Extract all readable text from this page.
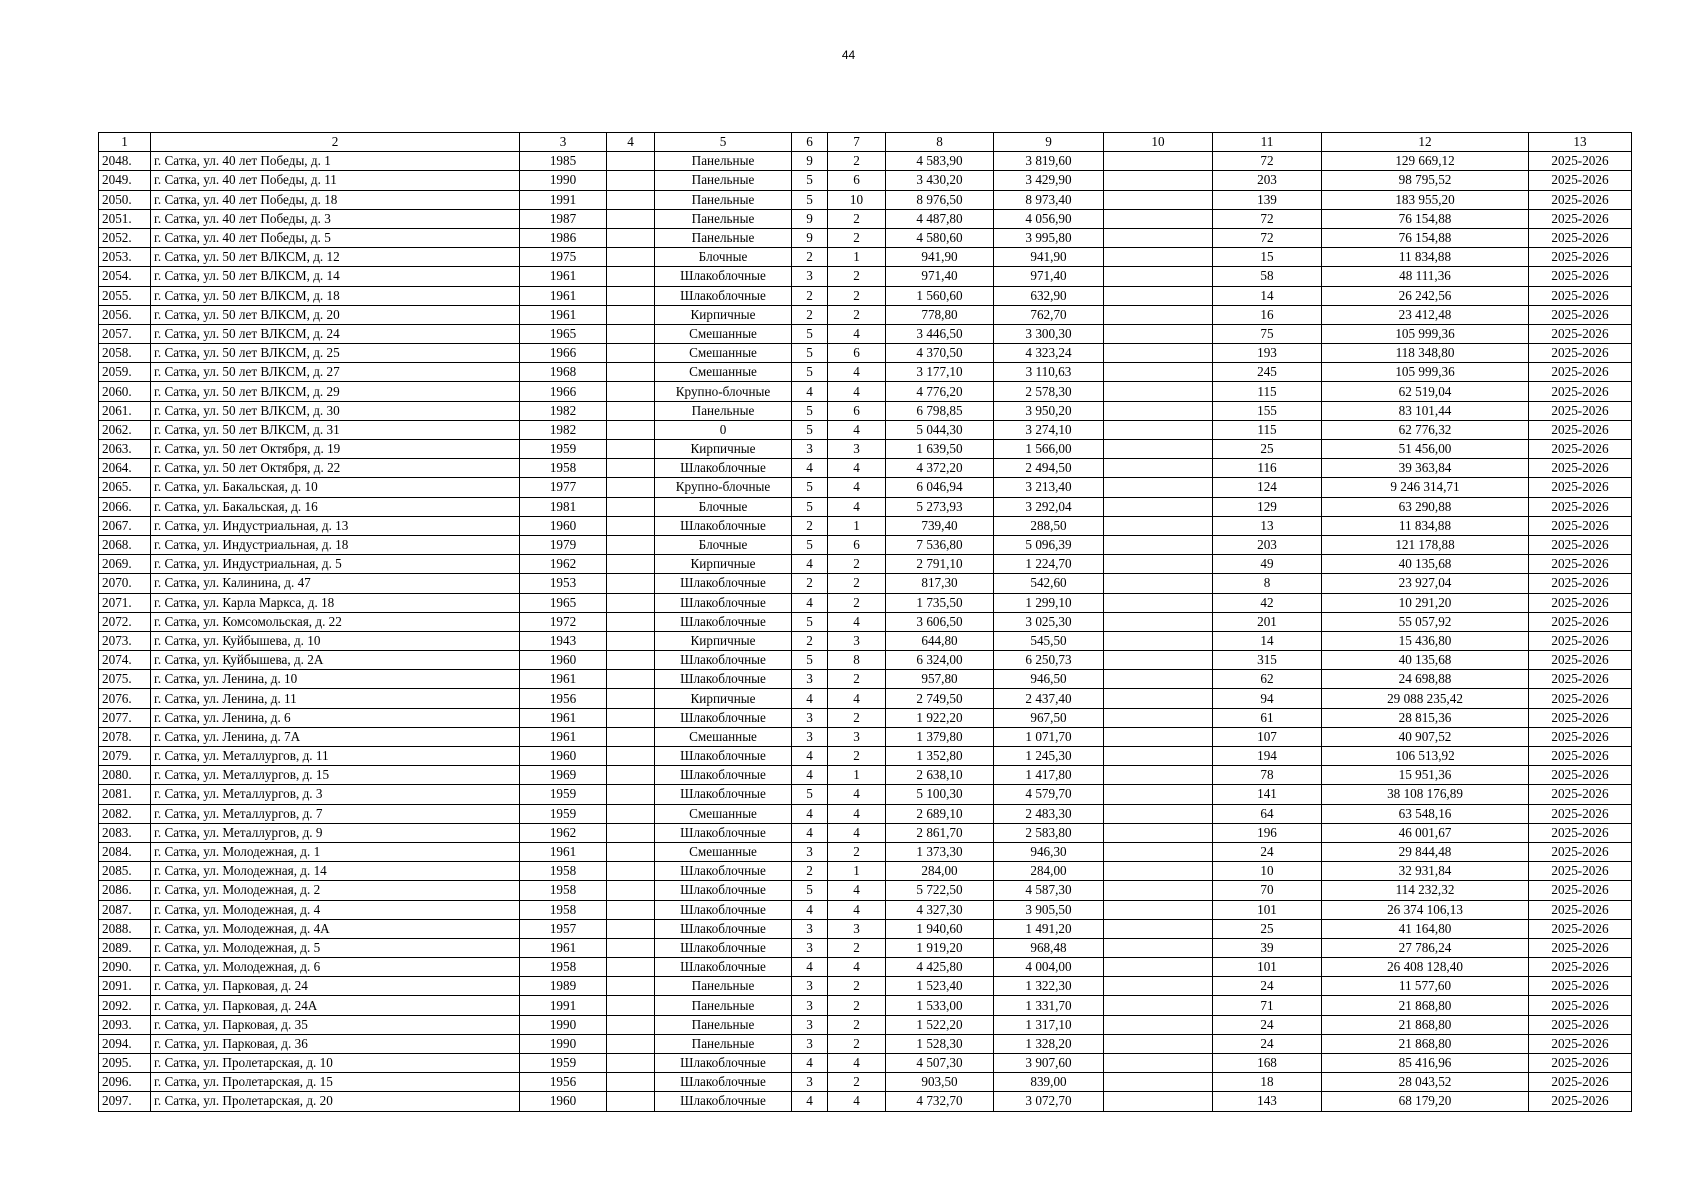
44
1	2	3	4	5	6	7	8	9	10	11	12	13
2048.	г. Сатка, ул. 40 лет Победы, д. 1	1985		Панельные	9	2	4 583,90	3 819,60		72	129 669,12	2025-2026
2049.	г. Сатка, ул. 40 лет Победы, д. 11	1990		Панельные	5	6	3 430,20	3 429,90		203	98 795,52	2025-2026
2050.	г. Сатка, ул. 40 лет Победы, д. 18	1991		Панельные	5	10	8 976,50	8 973,40		139	183 955,20	2025-2026
2051.	г. Сатка, ул. 40 лет Победы, д. 3	1987		Панельные	9	2	4 487,80	4 056,90		72	76 154,88	2025-2026
2052.	г. Сатка, ул. 40 лет Победы, д. 5	1986		Панельные	9	2	4 580,60	3 995,80		72	76 154,88	2025-2026
2053.	г. Сатка, ул. 50 лет ВЛКСМ, д. 12	1975		Блочные	2	1	941,90	941,90		15	11 834,88	2025-2026
2054.	г. Сатка, ул. 50 лет ВЛКСМ, д. 14	1961		Шлакоблочные	3	2	971,40	971,40		58	48 111,36	2025-2026
2055.	г. Сатка, ул. 50 лет ВЛКСМ, д. 18	1961		Шлакоблочные	2	2	1 560,60	632,90		14	26 242,56	2025-2026
2056.	г. Сатка, ул. 50 лет ВЛКСМ, д. 20	1961		Кирпичные	2	2	778,80	762,70		16	23 412,48	2025-2026
2057.	г. Сатка, ул. 50 лет ВЛКСМ, д. 24	1965		Смешанные	5	4	3 446,50	3 300,30		75	105 999,36	2025-2026
2058.	г. Сатка, ул. 50 лет ВЛКСМ, д. 25	1966		Смешанные	5	6	4 370,50	4 323,24		193	118 348,80	2025-2026
2059.	г. Сатка, ул. 50 лет ВЛКСМ, д. 27	1968		Смешанные	5	4	3 177,10	3 110,63		245	105 999,36	2025-2026
2060.	г. Сатка, ул. 50 лет ВЛКСМ, д. 29	1966		Крупно-блочные	4	4	4 776,20	2 578,30		115	62 519,04	2025-2026
2061.	г. Сатка, ул. 50 лет ВЛКСМ, д. 30	1982		Панельные	5	6	6 798,85	3 950,20		155	83 101,44	2025-2026
2062.	г. Сатка, ул. 50 лет ВЛКСМ, д. 31	1982		0	5	4	5 044,30	3 274,10		115	62 776,32	2025-2026
2063.	г. Сатка, ул. 50 лет Октября, д. 19	1959		Кирпичные	3	3	1 639,50	1 566,00		25	51 456,00	2025-2026
2064.	г. Сатка, ул. 50 лет Октября, д. 22	1958		Шлакоблочные	4	4	4 372,20	2 494,50		116	39 363,84	2025-2026
2065.	г. Сатка, ул. Бакальская, д. 10	1977		Крупно-блочные	5	4	6 046,94	3 213,40		124	9 246 314,71	2025-2026
2066.	г. Сатка, ул. Бакальская, д. 16	1981		Блочные	5	4	5 273,93	3 292,04		129	63 290,88	2025-2026
2067.	г. Сатка, ул. Индустриальная, д. 13	1960		Шлакоблочные	2	1	739,40	288,50		13	11 834,88	2025-2026
2068.	г. Сатка, ул. Индустриальная, д. 18	1979		Блочные	5	6	7 536,80	5 096,39		203	121 178,88	2025-2026
2069.	г. Сатка, ул. Индустриальная, д. 5	1962		Кирпичные	4	2	2 791,10	1 224,70		49	40 135,68	2025-2026
2070.	г. Сатка, ул. Калинина, д. 47	1953		Шлакоблочные	2	2	817,30	542,60		8	23 927,04	2025-2026
2071.	г. Сатка, ул. Карла Маркса, д. 18	1965		Шлакоблочные	4	2	1 735,50	1 299,10		42	10 291,20	2025-2026
2072.	г. Сатка, ул. Комсомольская, д. 22	1972		Шлакоблочные	5	4	3 606,50	3 025,30		201	55 057,92	2025-2026
2073.	г. Сатка, ул. Куйбышева, д. 10	1943		Кирпичные	2	3	644,80	545,50		14	15 436,80	2025-2026
2074.	г. Сатка, ул. Куйбышева, д. 2А	1960		Шлакоблочные	5	8	6 324,00	6 250,73		315	40 135,68	2025-2026
2075.	г. Сатка, ул. Ленина, д. 10	1961		Шлакоблочные	3	2	957,80	946,50		62	24 698,88	2025-2026
2076.	г. Сатка, ул. Ленина, д. 11	1956		Кирпичные	4	4	2 749,50	2 437,40		94	29 088 235,42	2025-2026
2077.	г. Сатка, ул. Ленина, д. 6	1961		Шлакоблочные	3	2	1 922,20	967,50		61	28 815,36	2025-2026
2078.	г. Сатка, ул. Ленина, д. 7А	1961		Смешанные	3	3	1 379,80	1 071,70		107	40 907,52	2025-2026
2079.	г. Сатка, ул. Металлургов, д. 11	1960		Шлакоблочные	4	2	1 352,80	1 245,30		194	106 513,92	2025-2026
2080.	г. Сатка, ул. Металлургов, д. 15	1969		Шлакоблочные	4	1	2 638,10	1 417,80		78	15 951,36	2025-2026
2081.	г. Сатка, ул. Металлургов, д. 3	1959		Шлакоблочные	5	4	5 100,30	4 579,70		141	38 108 176,89	2025-2026
2082.	г. Сатка, ул. Металлургов, д. 7	1959		Смешанные	4	4	2 689,10	2 483,30		64	63 548,16	2025-2026
2083.	г. Сатка, ул. Металлургов, д. 9	1962		Шлакоблочные	4	4	2 861,70	2 583,80		196	46 001,67	2025-2026
2084.	г. Сатка, ул. Молодежная, д. 1	1961		Смешанные	3	2	1 373,30	946,30		24	29 844,48	2025-2026
2085.	г. Сатка, ул. Молодежная, д. 14	1958		Шлакоблочные	2	1	284,00	284,00		10	32 931,84	2025-2026
2086.	г. Сатка, ул. Молодежная, д. 2	1958		Шлакоблочные	5	4	5 722,50	4 587,30		70	114 232,32	2025-2026
2087.	г. Сатка, ул. Молодежная, д. 4	1958		Шлакоблочные	4	4	4 327,30	3 905,50		101	26 374 106,13	2025-2026
2088.	г. Сатка, ул. Молодежная, д. 4А	1957		Шлакоблочные	3	3	1 940,60	1 491,20		25	41 164,80	2025-2026
2089.	г. Сатка, ул. Молодежная, д. 5	1961		Шлакоблочные	3	2	1 919,20	968,48		39	27 786,24	2025-2026
2090.	г. Сатка, ул. Молодежная, д. 6	1958		Шлакоблочные	4	4	4 425,80	4 004,00		101	26 408 128,40	2025-2026
2091.	г. Сатка, ул. Парковая, д. 24	1989		Панельные	3	2	1 523,40	1 322,30		24	11 577,60	2025-2026
2092.	г. Сатка, ул. Парковая, д. 24А	1991		Панельные	3	2	1 533,00	1 331,70		71	21 868,80	2025-2026
2093.	г. Сатка, ул. Парковая, д. 35	1990		Панельные	3	2	1 522,20	1 317,10		24	21 868,80	2025-2026
2094.	г. Сатка, ул. Парковая, д. 36	1990		Панельные	3	2	1 528,30	1 328,20		24	21 868,80	2025-2026
2095.	г. Сатка, ул. Пролетарская, д. 10	1959		Шлакоблочные	4	4	4 507,30	3 907,60		168	85 416,96	2025-2026
2096.	г. Сатка, ул. Пролетарская, д. 15	1956		Шлакоблочные	3	2	903,50	839,00		18	28 043,52	2025-2026
2097.	г. Сатка, ул. Пролетарская, д. 20	1960		Шлакоблочные	4	4	4 732,70	3 072,70		143	68 179,20	2025-2026
